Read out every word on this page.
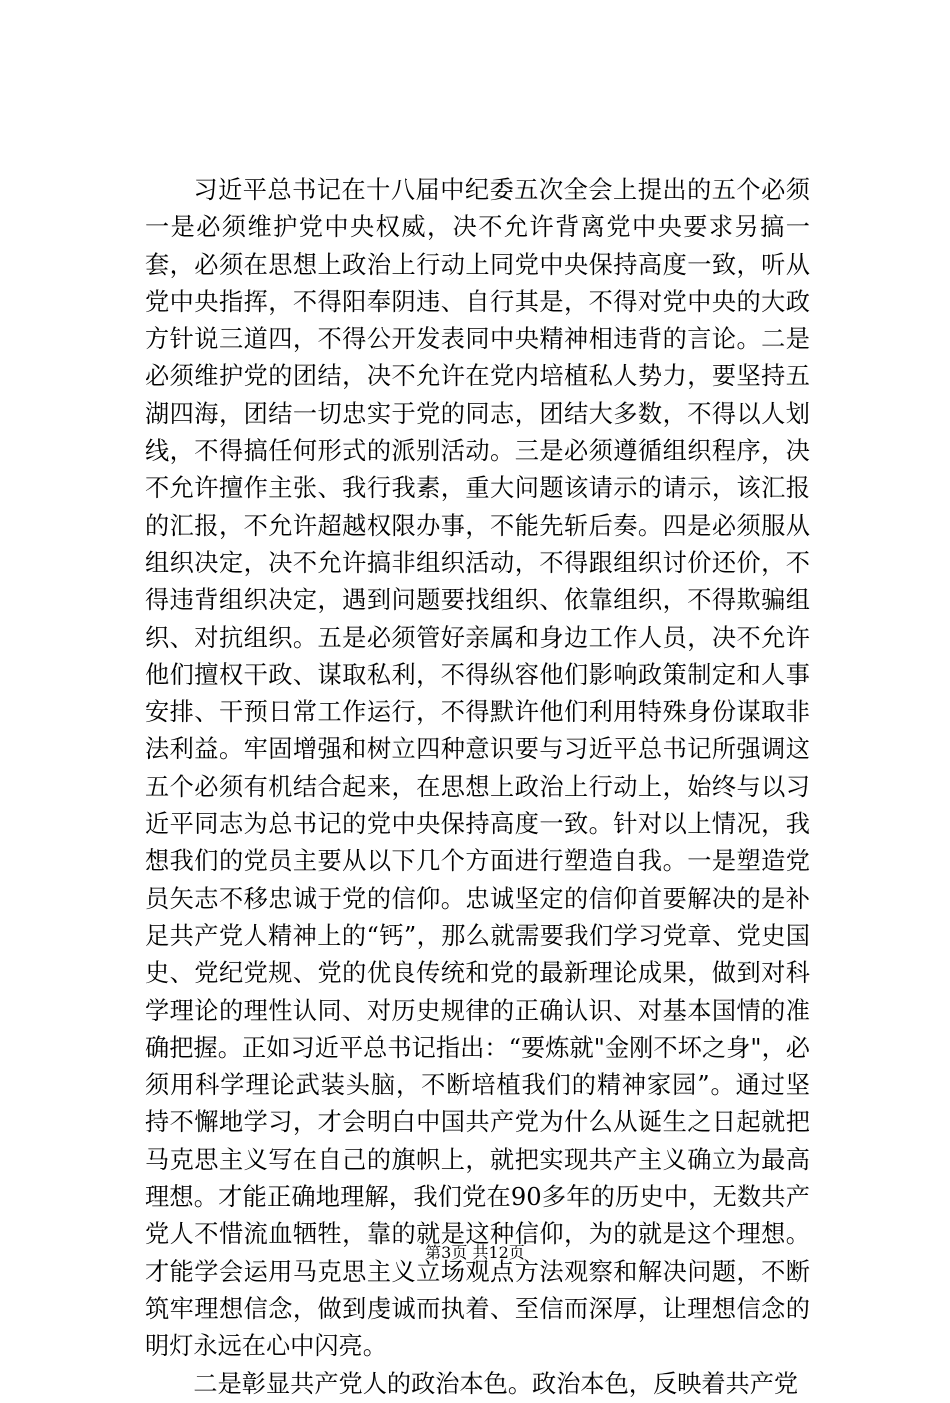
习近平总书记在十八届中纪委五次全会上提出的五个必须一是必须维护党中央权威，决不允许背离党中央要求另搞一套，必须在思想上政治上行动上同党中央保持高度一致，听从党中央指挥，不得阳奉阴违、自行其是，不得对党中央的大政方针说三道四，不得公开发表同中央精神相违背的言论。二是必须维护党的团结，决不允许在党内培植私人势力，要坚持五湖四海，团结一切忠实于党的同志，团结大多数，不得以人划线，不得搞任何形式的派别活动。三是必须遵循组织程序，决不允许擅作主张、我行我素，重大问题该请示的请示，该汇报的汇报，不允许超越权限办事，不能先斩后奏。四是必须服从组织决定，决不允许搞非组织活动，不得跟组织讨价还价，不得违背组织决定，遇到问题要找组织、依靠组织，不得欺骗组织、对抗组织。五是必须管好亲属和身边工作人员，决不允许他们擅权干政、谋取私利，不得纵容他们影响政策制定和人事安排、干预日常工作运行，不得默许他们利用特殊身份谋取非法利益。牢固增强和树立四种意识要与习近平总书记所强调这五个必须有机结合起来，在思想上政治上行动上，始终与以习近平同志为总书记的党中央保持高度一致。针对以上情况，我想我们的党员主要从以下几个方面进行塑造自我。一是塑造党员矢志不移忠诚于党的信仰。忠诚坚定的信仰首要解决的是补足共产党人精神上的“钙”，那么就需要我们学习党章、党史国史、党纪党规、党的优良传统和党的最新理论成果，做到对科学理论的理性认同、对历史规律的正确认识、对基本国情的准确把握。正如习近平总书记指出：“要炼就"金刚不坏之身"，必须用科学理论武装头脑，不断培植我们的精神家园”。通过坚持不懈地学习，才会明白中国共产党为什么从诞生之日起就把马克思主义写在自己的旗帜上，就把实现共产主义确立为最高理想。才能正确地理解，我们党在90多年的历史中，无数共产党人不惜流血牺牲，靠的就是这种信仰，为的就是这个理想。才能学会运用马克思主义立场观点方法观察和解决问题，不断筑牢理想信念，做到虔诚而执着、至信而深厚，让理想信念的明灯永远在心中闪亮。

二是彰显共产党人的政治本色。政治本色，反映着共产党

第3页 共12页
